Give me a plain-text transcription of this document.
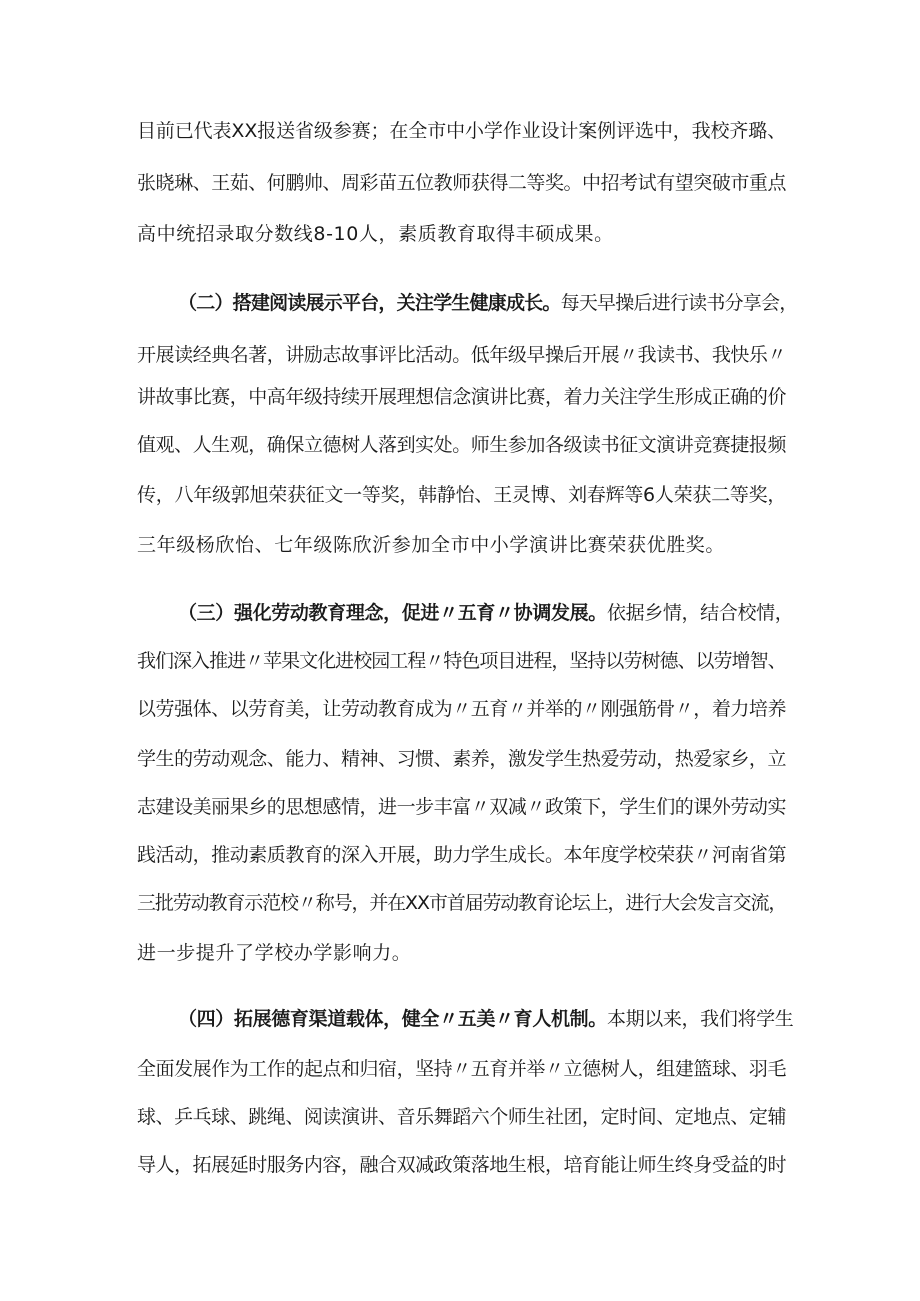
目前已代表XX报送省级参赛；在全市中小学作业设计案例评选中，我校齐璐、
张晓琳、王茹、何鹏帅、周彩苗五位教师获得二等奖。中招考试有望突破市重点
高中统招录取分数线8-10人，素质教育取得丰硕成果。
（二）搭建阅读展示平台，关注学生健康成长。每天早操后进行读书分享会，
开展读经典名著，讲励志故事评比活动。低年级早操后开展〃我读书、我快乐〃
讲故事比赛，中高年级持续开展理想信念演讲比赛，着力关注学生形成正确的价
值观、人生观，确保立德树人落到实处。师生参加各级读书征文演讲竞赛捷报频
传，八年级郭旭荣获征文一等奖，韩静怡、王灵博、刘春辉等6人荣获二等奖，
三年级杨欣怡、七年级陈欣沂参加全市中小学演讲比赛荣获优胜奖。
（三）强化劳动教育理念，促进〃五育〃协调发展。依据乡情，结合校情，
我们深入推进〃苹果文化进校园工程〃特色项目进程，坚持以劳树德、以劳增智、
以劳强体、以劳育美，让劳动教育成为〃五育〃并举的〃刚强筋骨〃，着力培养
学生的劳动观念、能力、精神、习惯、素养，激发学生热爱劳动，热爱家乡，立
志建设美丽果乡的思想感情，进一步丰富〃双减〃政策下，学生们的课外劳动实
践活动，推动素质教育的深入开展，助力学生成长。本年度学校荣获〃河南省第
三批劳动教育示范校〃称号，并在XX市首届劳动教育论坛上，进行大会发言交流，
进一步提升了学校办学影响力。
（四）拓展德育渠道载体，健全〃五美〃育人机制。本期以来，我们将学生
全面发展作为工作的起点和归宿，坚持〃五育并举〃立德树人，组建篮球、羽毛
球、乒乓球、跳绳、阅读演讲、音乐舞蹈六个师生社团，定时间、定地点、定辅
导人，拓展延时服务内容，融合双减政策落地生根，培育能让师生终身受益的时
